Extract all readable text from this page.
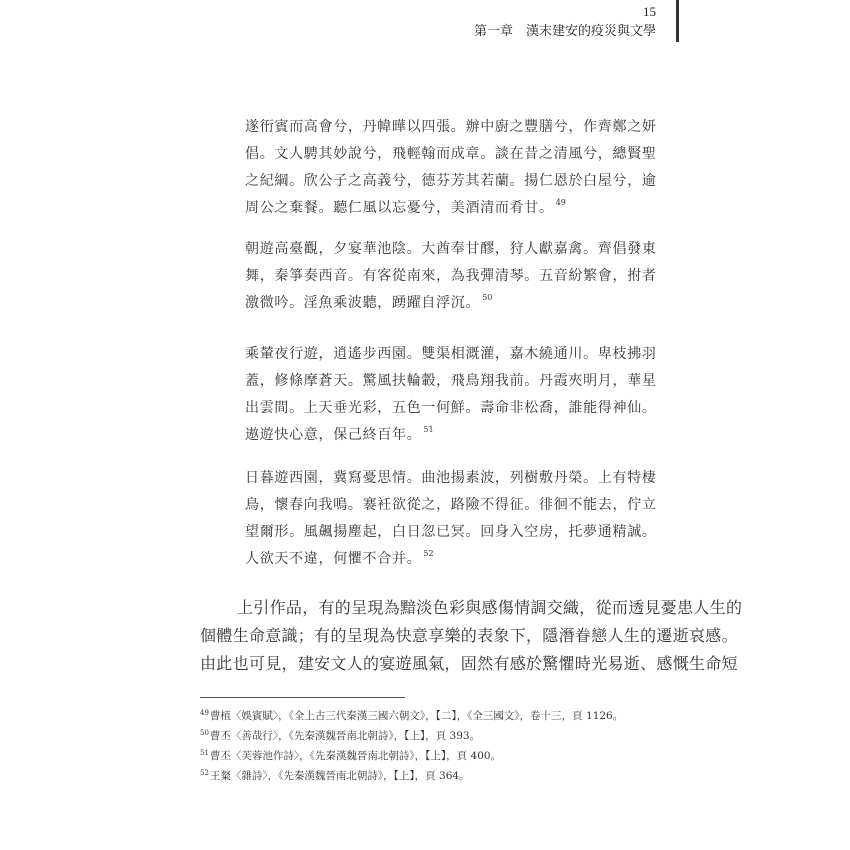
15
第一章　漢末建安的疫災與文學
遂衎賓而高會兮，丹幃曄以四張。辦中廚之豐膳兮，作齊鄭之妍
倡。文人騁其妙說兮，飛輕翰而成章。談在昔之清風兮，總賢聖
之紀綱。欣公子之高義兮，德芬芳其若蘭。揚仁恩於白屋兮，逾
周公之棄餐。聽仁風以忘憂兮，美酒清而肴甘。 $^{49}$
朝遊高臺觀，夕宴華池陰。大酋奉甘醪，狩人獻嘉禽。齊倡發東
舞，秦箏奏西音。有客從南來，為我彈清琴。五音紛繁會，拊者
激微吟。淫魚乘波聽，踴躍自浮沉。 $^{50}$
乘輦夜行遊，逍遙步西園。雙渠相溉灌，嘉木繞通川。卑枝拂羽
蓋，修條摩蒼天。驚風扶輪轂，飛鳥翔我前。丹霞夾明月，華星
出雲間。上天垂光彩，五色一何鮮。壽命非松喬，誰能得神仙。
遨遊快心意，保己終百年。 $^{51}$
日暮遊西園，冀寫憂思情。曲池揚素波，列樹敷丹榮。上有特棲
鳥，懷春向我鳴。褰衽欲從之，路險不得征。徘徊不能去，佇立
望爾形。風飆揚塵起，白日忽已冥。回身入空房，托夢通精誠。
人欲天不違，何懼不合并。 $^{52}$
上引作品，有的呈現為黯淡色彩與感傷情調交織，從而透見憂患人生的
個體生命意識；有的呈現為快意享樂的表象下，隱潛眷戀人生的遷逝哀感。
由此也可見，建安文人的宴遊風氣，固然有感於驚懼時光易逝、感慨生命短
$^{49}$曹植〈娛賓賦〉，《全上古三代秦漢三國六朝文》，【二】，《全三國文》，卷十三，頁 1126。
$^{50}$曹丕〈善哉行〉，《先秦漢魏晉南北朝詩》，【上】，頁 393。
$^{51}$曹丕〈芙蓉池作詩〉，《先秦漢魏晉南北朝詩》，【上】，頁 400。
$^{52}$王粲〈雜詩〉，《先秦漢魏晉南北朝詩》，【上】，頁 364。
